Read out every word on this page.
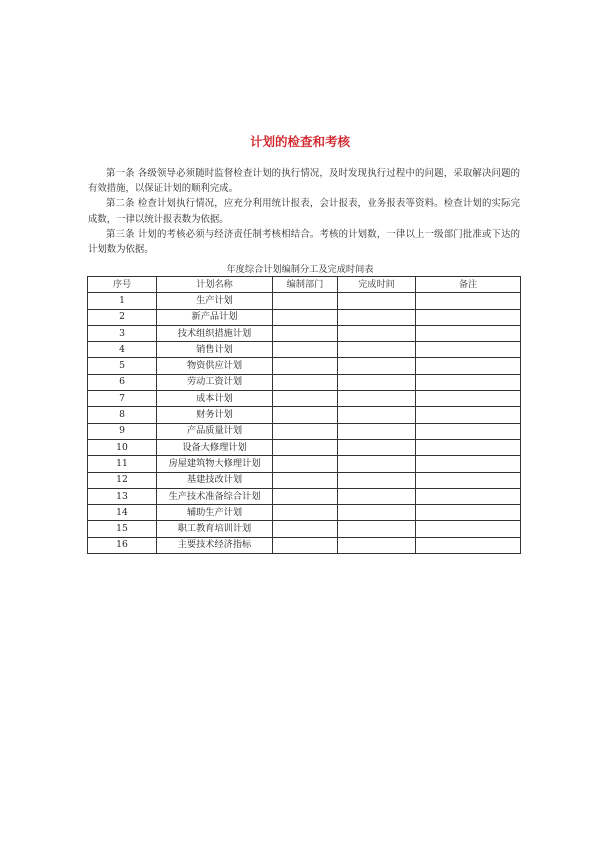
计划的检查和考核

第一条 各级领导必须随时监督检查计划的执行情况，及时发现执行过程中的问题，采取解决问题的有效措施，以保证计划的顺利完成。

第二条 检查计划执行情况，应充分利用统计报表，会计报表，业务报表等资料。检查计划的实际完成数，一律以统计报表数为依据。

第三条 计划的考核必须与经济责任制考核相结合。考核的计划数，一律以上一级部门批准或下达的计划数为依据。

年度综合计划编制分工及完成时间表
序号	计划名称	编制部门	完成时间	备注
1	生产计划			
2	新产品计划			
3	技术组织措施计划			
4	销售计划			
5	物资供应计划			
6	劳动工资计划			
7	成本计划			
8	财务计划			
9	产品质量计划			
10	设备大修理计划			
11	房屋建筑物大修理计划			
12	基建技改计划			
13	生产技术准备综合计划			
14	辅助生产计划			
15	职工教育培训计划			
16	主要技术经济指标			
